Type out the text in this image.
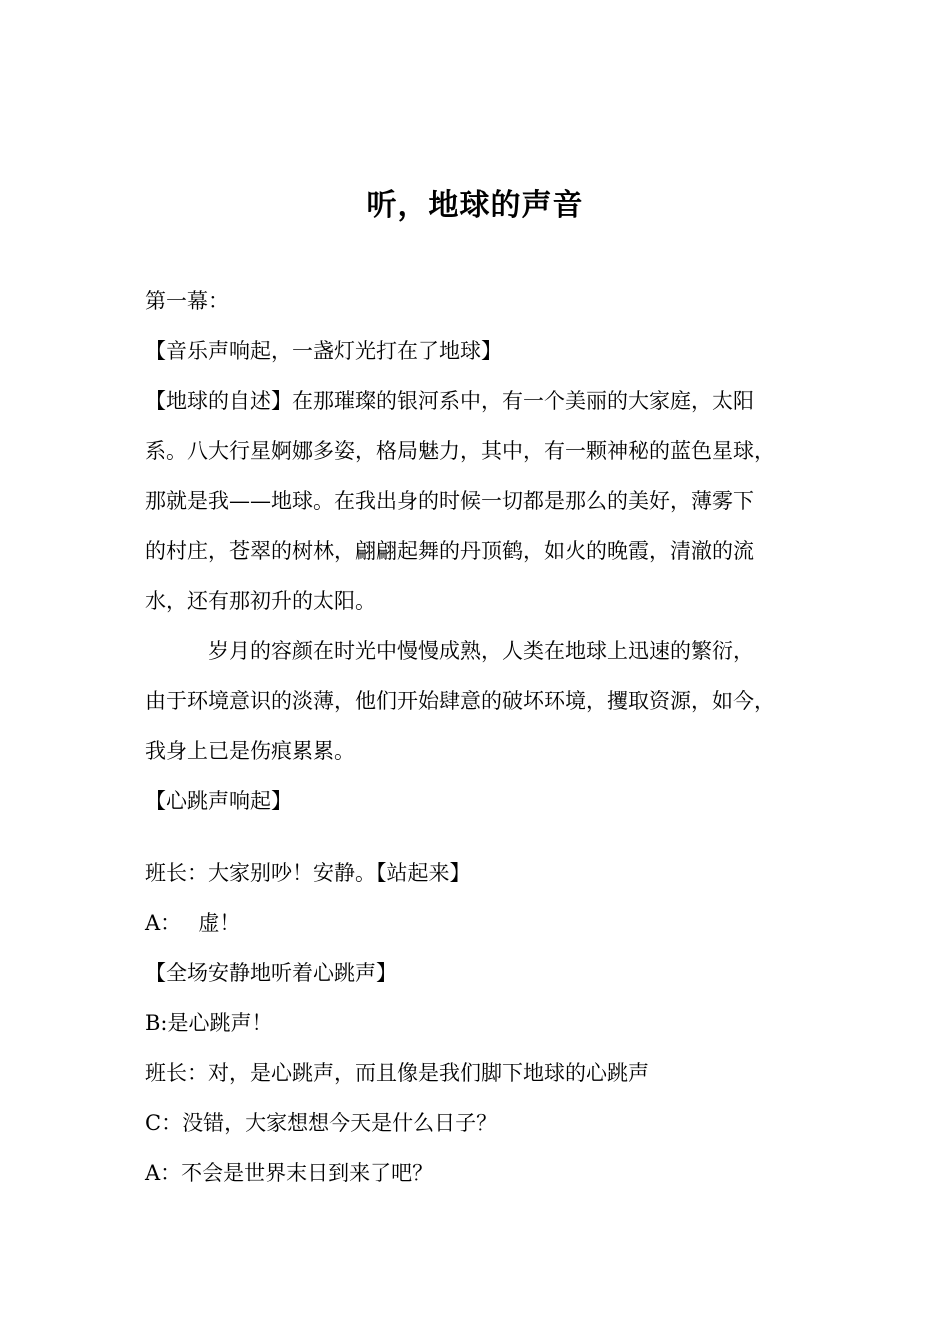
听，地球的声音
第一幕：
【音乐声响起，一盏灯光打在了地球】
【地球的自述】在那璀璨的银河系中，有一个美丽的大家庭，太阳
系。八大行星婀娜多姿，格局魅力，其中，有一颗神秘的蓝色星球，
那就是我——地球。在我出身的时候一切都是那么的美好，薄雾下
的村庄，苍翠的树林，翩翩起舞的丹顶鹤，如火的晚霞，清澈的流
水，还有那初升的太阳。
　　　岁月的容颜在时光中慢慢成熟，人类在地球上迅速的繁衍，
由于环境意识的淡薄，他们开始肆意的破坏环境，攫取资源，如今，
我身上已是伤痕累累。
【心跳声响起】
班长：大家别吵！安静。【站起来】
A：　 虚！
【全场安静地听着心跳声】
B:是心跳声！
班长：对，是心跳声，而且像是我们脚下地球的心跳声
C：没错，大家想想今天是什么日子？
A：不会是世界末日到来了吧？
